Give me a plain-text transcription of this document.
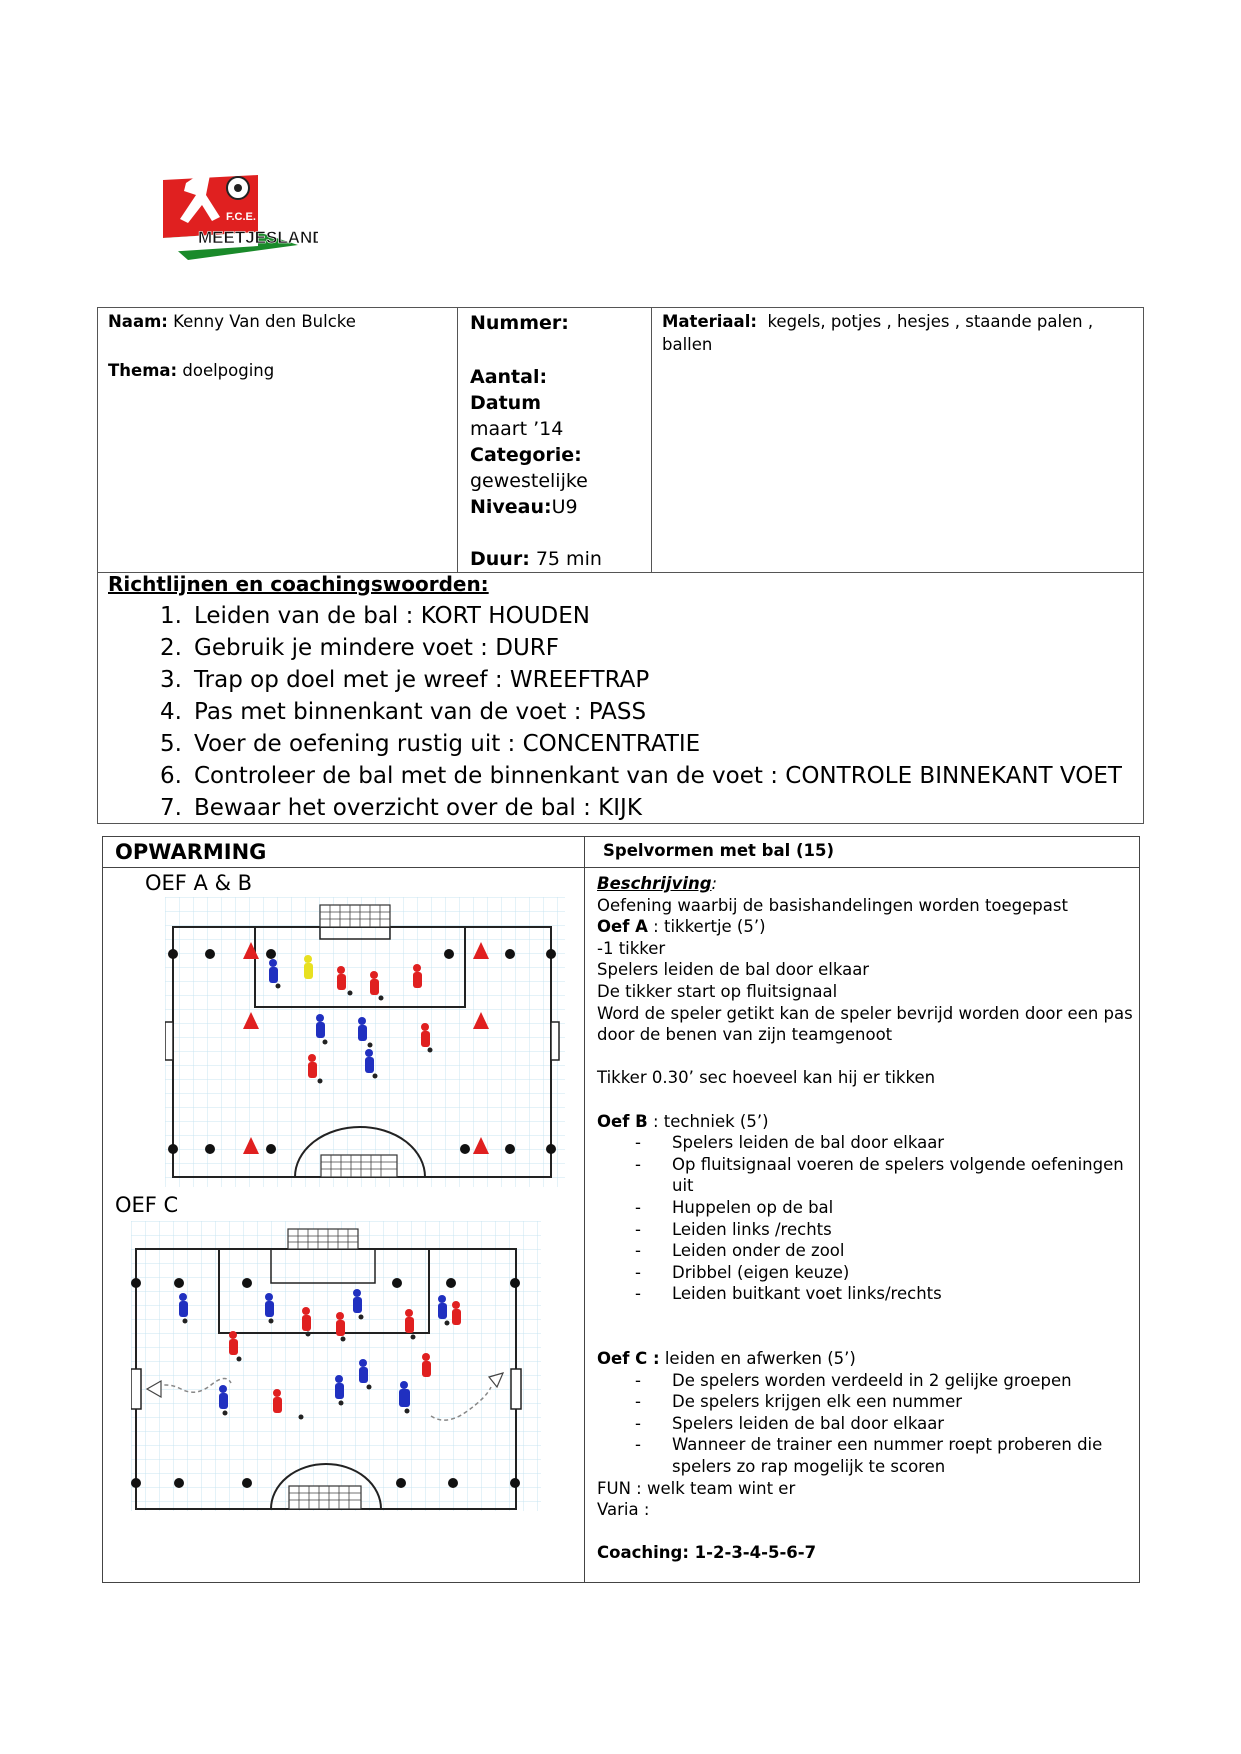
F.C.E.
MEETJESLAND
Naam: Kenny Van den Bulcke
Thema: doelpoging

Nummer:
Aantal:
Datum
maart ’14
Categorie:
gewestelijke
Niveau:U9
Duur: 75 min

Materiaal: kegels, potjes , hesjes , staande palen , ballen
Richtlijnen en coachingswoorden:
1. Leiden van de bal : KORT HOUDEN
2. Gebruik je mindere voet : DURF
3. Trap op doel met je wreef : WREEFTRAP
4. Pas met binnenkant van de voet : PASS
5. Voer de oefening rustig uit : CONCENTRATIE
6. Controleer de bal met de binnenkant van de voet : CONTROLE BINNEKANT VOET
7. Bewaar het overzicht over de bal : KIJK
OPWARMING	Spelvormen met bal (15)
OEF A & B
OEF C

Beschrijving:

Oefening waarbij de basishandelingen worden toegepast

Oef A : tikkertje (5’)

-1 tikker

Spelers leiden de bal door elkaar

De tikker start op fluitsignaal

Word de speler getikt kan de speler bevrijd worden door een pas door de benen van zijn teamgenoot

Tikker 0.30’ sec hoeveel kan hij er tikken

Oef B : techniek (5’)

- Spelers leiden de bal door elkaar
- Op fluitsignaal voeren de spelers volgende oefeningen uit
- Huppelen op de bal
- Leiden links /rechts
- Leiden onder de zool
- Dribbel (eigen keuze)
- Leiden buitkant voet links/rechts

Oef C : leiden en afwerken (5’)

- De spelers worden verdeeld in 2 gelijke groepen
- De spelers krijgen elk een nummer
- Spelers leiden de bal door elkaar
- Wanneer de trainer een nummer roept proberen die spelers zo rap mogelijk te scoren

FUN : welk team wint er

Varia :

Coaching: 1-2-3-4-5-6-7
